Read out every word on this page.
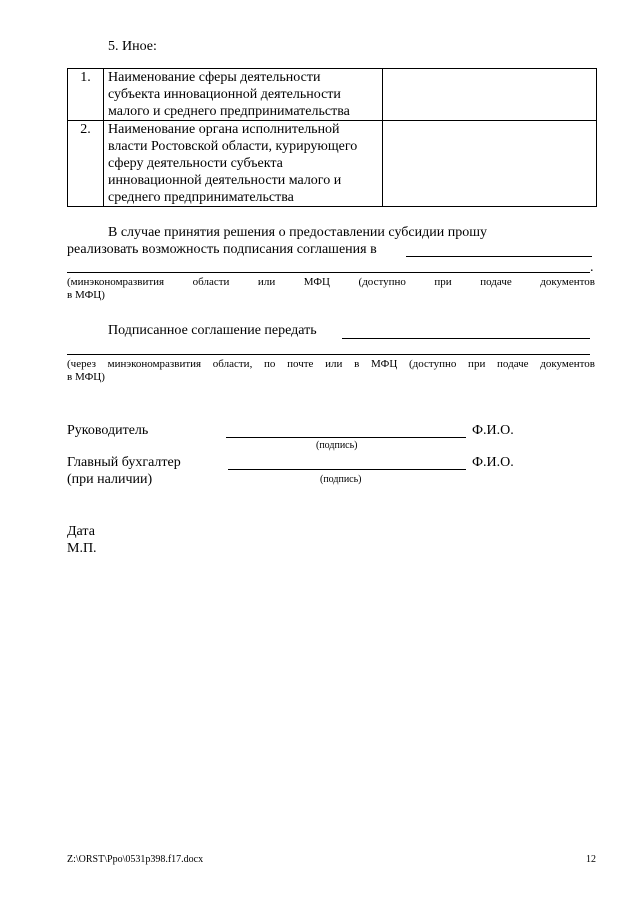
5. Иное:
1.	Наименование сферы деятельности
субъекта инновационной деятельности
малого и среднего предпринимательства	

2.	Наименование органа исполнительной
власти Ростовской области, курирующего
сферу деятельности субъекта
инновационной деятельности малого и
среднего предпринимательства	

В случае принятия решения о предоставлении субсидии прошу
реализовать возможность подписания соглашения в
.
(минэкономразвития области или МФЦ (доступно при подаче документов
в МФЦ)
Подписанное соглашение передать
(через минэкономразвития области, по почте или в МФЦ (доступно при подаче документов
в МФЦ)
Руководитель	Ф.И.О.
(подпись)
Главный бухгалтер	Ф.И.О.
(при наличии)	(подпись)
Дата
М.П.
Z:\ORST\Ppo\0531p398.f17.docx	12
